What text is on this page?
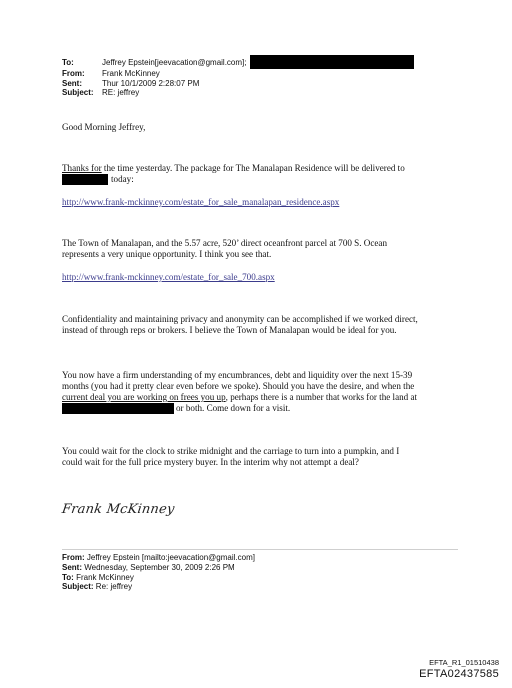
To:	Jeffrey Epstein[jeevacation@gmail.com];
From:	Frank McKinney
Sent:	Thur 10/1/2009 2:28:07 PM
Subject:	RE: jeffrey
Good Morning Jeffrey,
Thanks for the time yesterday. The package for The Manalapan Residence will be delivered to
today:
http://www.frank-mckinney.com/estate_for_sale_manalapan_residence.aspx
The Town of Manalapan, and the 5.57 acre, 520’ direct oceanfront parcel at 700 S. Ocean
represents a very unique opportunity. I think you see that.
http://www.frank-mckinney.com/estate_for_sale_700.aspx
Confidentiality and maintaining privacy and anonymity can be accomplished if we worked direct,
instead of through reps or brokers. I believe the Town of Manalapan would be ideal for you.
You now have a firm understanding of my encumbrances, debt and liquidity over the next 15-39
months (you had it pretty clear even before we spoke). Should you have the desire, and when the
current deal you are working on frees you up, perhaps there is a number that works for the land at
or both. Come down for a visit.
You could wait for the clock to strike midnight and the carriage to turn into a pumpkin, and I
could wait for the full price mystery buyer. In the interim why not attempt a deal?
Frank McKinney
From: Jeffrey Epstein [mailto:jeevacation@gmail.com]
Sent: Wednesday, September 30, 2009 2:26 PM
To: Frank McKinney
Subject: Re: jeffrey
EFTA_R1_01510438
EFTA02437585
